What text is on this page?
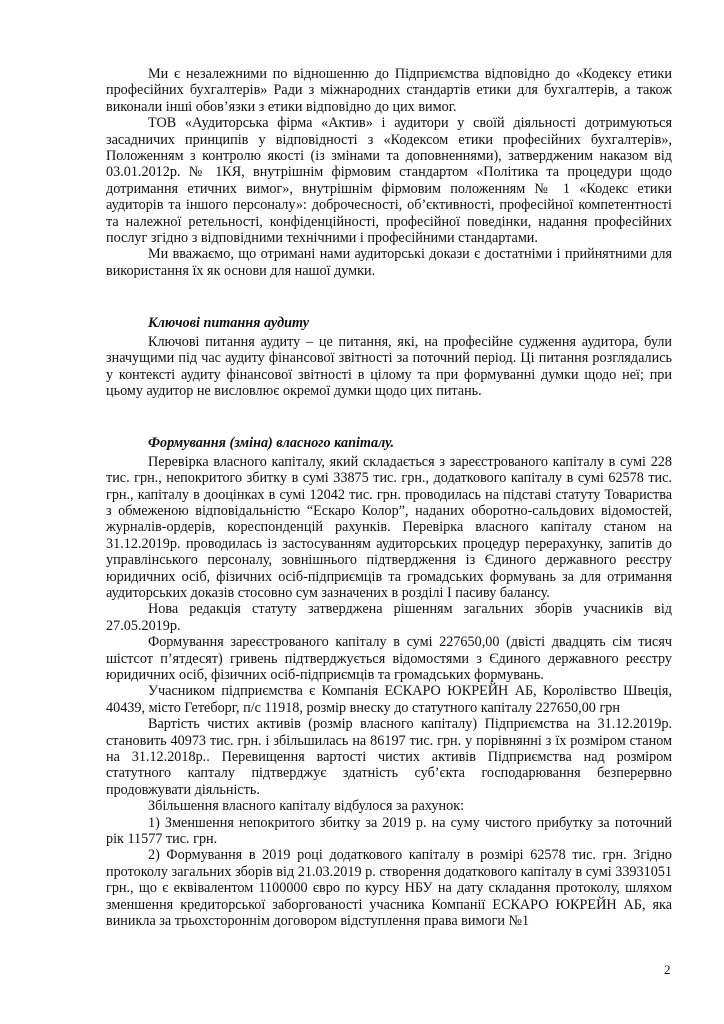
Ми є незалежними по відношенню до Підприємства відповідно до «Кодексу етики професійних бухгалтерів» Ради з міжнародних стандартів етики для бухгалтерів, а також виконали інші обов’язки з етики відповідно до цих вимог.

ТОВ «Аудиторська фірма «Актив» і аудитори у своїй діяльності дотримуються засадничих принципів у відповідності з «Кодексом етики професійних бухгалтерів», Положенням з контролю якості (із змінами та доповненнями), затвердженим наказом від 03.01.2012р. № 1КЯ, внутрішнім фірмовим стандартом «Політика та процедури щодо дотримання етичних вимог», внутрішнім фірмовим положенням № 1 «Кодекс етики аудиторів та іншого персоналу»: доброчесності, об’єктивності, професійної компетентності та належної ретельності, конфіденційності, професійної поведінки, надання професійних послуг згідно з відповідними технічними і професійними стандартами.

Ми вважаємо, що отримані нами аудиторські докази є достатніми і прийнятними для використання їх як основи для нашої думки.

Ключові питання аудиту

Ключові питання аудиту – це питання, які, на професійне судження аудитора, були значущими під час аудиту фінансової звітності за поточний період. Ці питання розглядались у контексті аудиту фінансової звітності в цілому та при формуванні думки щодо неї; при цьому аудитор не висловлює окремої думки щодо цих питань.

Формування (зміна) власного капіталу.

Перевірка власного капіталу, який складається з зареєстрованого капіталу в сумі 228 тис. грн., непокритого збитку в сумі 33875 тис. грн., додаткового капіталу в сумі 62578 тис. грн., капіталу в дооцінках в сумі 12042 тис. грн. проводилась на підставі статуту Товариства з обмеженою відповідальністю “Ескаро Колор”, наданих оборотно-сальдових відомостей, журналів-ордерів, кореспонденцій рахунків. Перевірка власного капіталу станом на 31.12.2019р. проводилась із застосуванням аудиторських процедур перерахунку, запитів до управлінського персоналу, зовнішнього підтвердження із Єдиного державного реєстру юридичних осіб, фізичних осіб-підприємців та громадських формувань за для отримання аудиторських доказів стосовно сум зазначених в розділі І пасиву балансу.

Нова редакція статуту затверджена рішенням загальних зборів учасників від 27.05.2019р.

Формування зареєстрованого капіталу в сумі 227650,00 (двісті двадцять сім тисяч шістсот п’ятдесят) гривень підтверджується відомостями з Єдиного державного реєстру юридичних осіб, фізичних осіб-підприємців та громадських формувань.

Учасником підприємства є Компанія ЕСКАРО ЮКРЕЙН АБ, Королівство Швеція, 40439, місто Гетеборг, п/с 11918, розмір внеску до статутного капіталу 227650,00 грн

Вартість чистих активів (розмір власного капіталу) Підприємства на 31.12.2019р. становить 40973 тис. грн. і збільшилась на 86197 тис. грн. у порівнянні з їх розміром станом на 31.12.2018р.. Перевищення вартості чистих активів Підприємства над розміром статутного капталу підтверджує здатність суб’єкта господарювання безперервно продовжувати діяльність.

Збільшення власного капіталу відбулося за рахунок:

1) Зменшення непокритого збитку за 2019 р. на суму чистого прибутку за поточний рік 11577 тис. грн.

2) Формування в 2019 році додаткового капіталу в розмірі 62578 тис. грн. Згідно протоколу загальних зборів від 21.03.2019 р. створення додаткового капіталу в сумі 33931051 грн., що є еквівалентом 1100000 євро по курсу НБУ на дату складання протоколу, шляхом зменшення кредиторської заборгованості учасника Компанії ЕСКАРО ЮКРЕЙН АБ, яка виникла за трьохстороннім договором відступлення права вимоги №1

2
